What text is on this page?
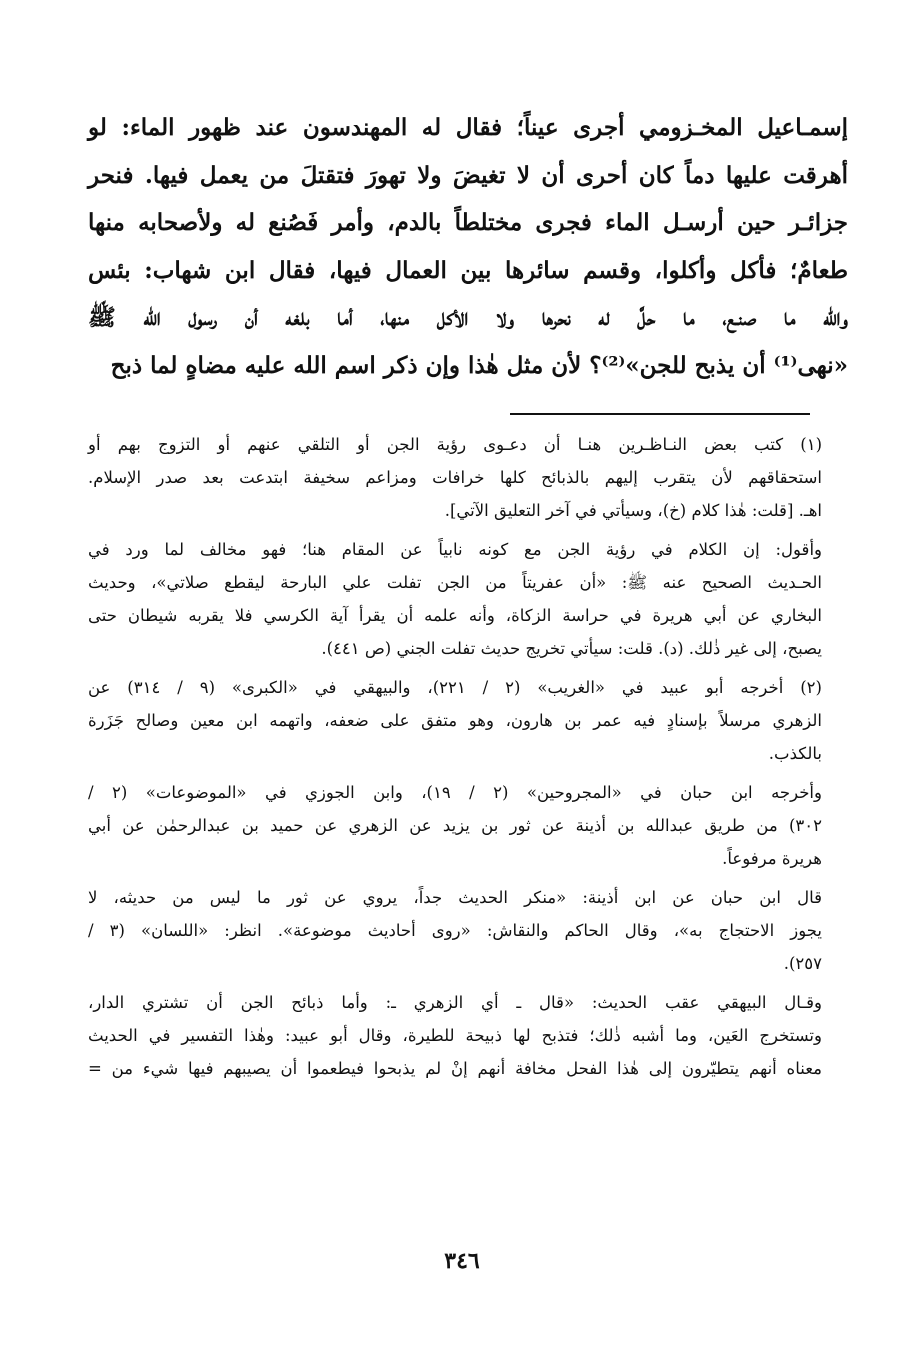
إسمـاعيل المخـزومي أجرى عيناً؛ فقال له المهندسون عند ظهور الماء: لو
أهرقت عليها دماً كان أحرى أن لا تغيضَ ولا تهورَ فتقتلَ من يعمل فيها. فنحر
جزائـر حين أرسـل الماء فجرى مختلطاً بالدم، وأمر فَصُنع له ولأصحابه منها
طعامٌ؛ فأكل وأكلوا، وقسم سائرها بين العمال فيها، فقال ابن شهاب: بئس
والله ما صنـع، ما حلَّ له نحرها ولا الأكل منها، أما بلغه أن رسول الله ﷺ
«نهى⁽¹⁾ أن يذبح للجن»⁽²⁾؟ لأن مثل هٰذا وإن ذكر اسم الله عليه مضاهٍ لما ذبح
(١) كتب بعض النـاظـرين هنـا أن دعـوى رؤية الجن أو التلقي عنهم أو التزوج بهم أو
استحقاقهم لأن يتقرب إليهم بالذبائح كلها خرافات ومزاعم سخيفة ابتدعت بعد صدر الإسلام.
اهـ. [قلت: هٰذا كلام (خ)، وسيأتي في آخر التعليق الآتي].
وأقول: إن الكلام في رؤية الجن مع كونه نابياً عن المقام هنا؛ فهو مخالف لما ورد في
الحـديث الصحيح عنه ﷺ: «أن عفريتاً من الجن تفلت علي البارحة ليقطع صلاتي»، وحديث
البخاري عن أبي هريرة في حراسة الزكاة، وأنه علمه أن يقرأ آية الكرسي فلا يقربه شيطان حتى
يصبح، إلى غير ذٰلك. (د). قلت: سيأتي تخريج حديث تفلت الجني (ص ٤٤١).
(٢) أخرجه أبو عبيد في «الغريب» (٢ / ٢٢١)، والبيهقي في «الكبرى» (٩ / ٣١٤) عن
الزهري مرسلاً بإسنادٍ فيه عمر بن هارون، وهو متفق على ضعفه، واتهمه ابن معين وصالح جَزَرة
بالكذب.
وأخرجه ابن حبان في «المجروحين» (٢ / ١٩)، وابن الجوزي في «الموضوعات» (٢ /
٣٠٢) من طريق عبدالله بن أذينة عن ثور بن يزيد عن الزهري عن حميد بن عبدالرحمٰن عن أبي
هريرة مرفوعاً.
قال ابن حبان عن ابن أذينة: «منكر الحديث جداً، يروي عن ثور ما ليس من حديثه، لا
يجوز الاحتجاج به»، وقال الحاكم والنقاش: «روى أحاديث موضوعة». انظر: «اللسان» (٣ /
٢٥٧).
وقـال البيهقي عقب الحديث: «قال ـ أي الزهري ـ: وأما ذبائح الجن أن تشتري الدار،
وتستخرج العَين، وما أشبه ذٰلك؛ فتذبح لها ذبيحة للطيرة، وقال أبو عبيد: وهٰذا التفسير في الحديث
معناه أنهم يتطيّرون إلى هٰذا الفحل مخافة أنهم إنْ لم يذبحوا فيطعموا أن يصيبهم فيها شيء من =
٣٤٦
